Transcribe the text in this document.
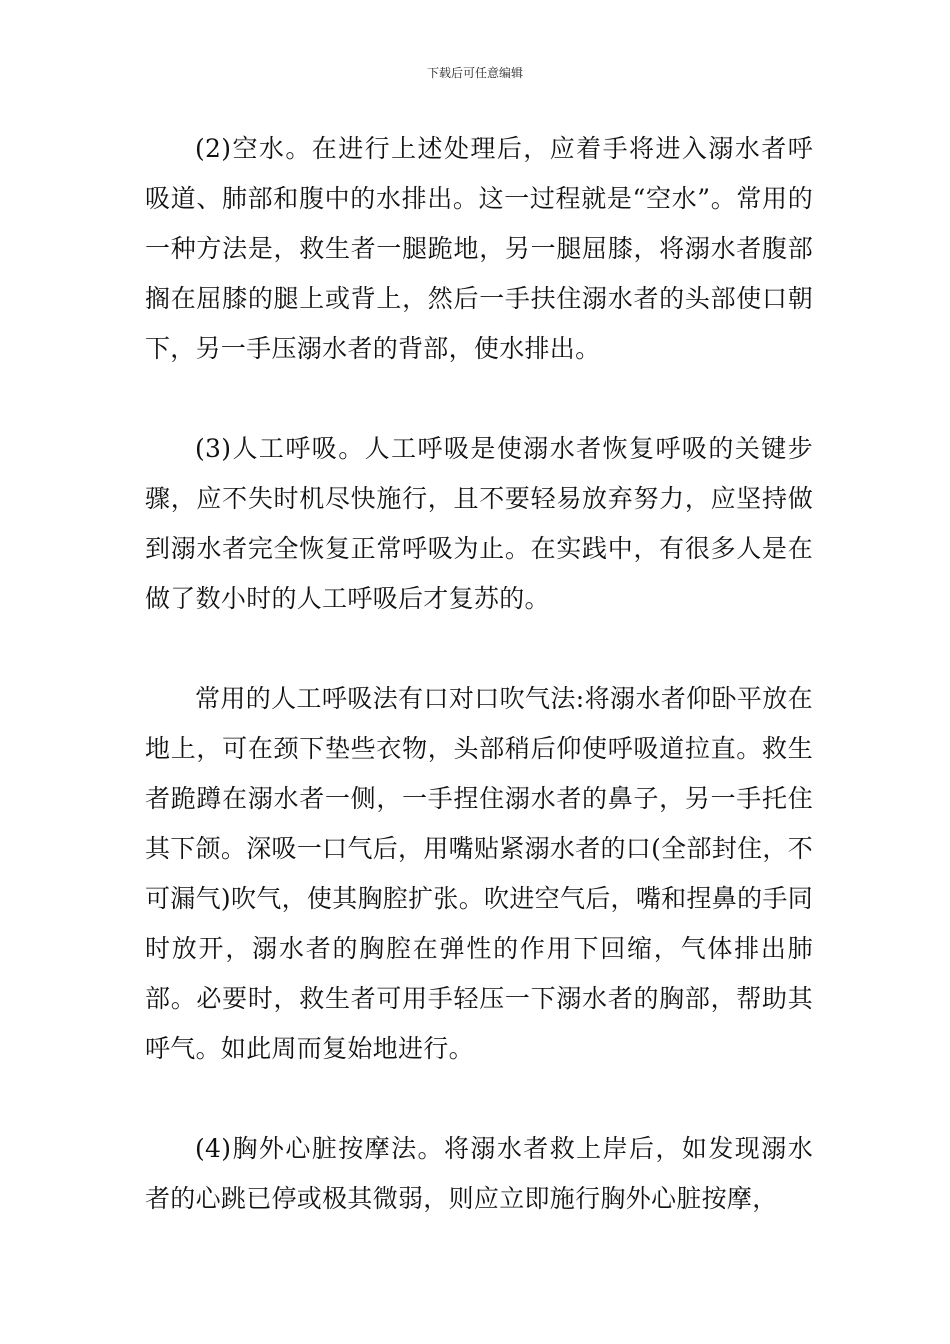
下载后可任意编辑

(2)空水。在进行上述处理后，应着手将进入溺水者呼吸道、肺部和腹中的水排出。这一过程就是“空水”。常用的一种方法是，救生者一腿跪地，另一腿屈膝，将溺水者腹部搁在屈膝的腿上或背上，然后一手扶住溺水者的头部使口朝下，另一手压溺水者的背部，使水排出。

(3)人工呼吸。人工呼吸是使溺水者恢复呼吸的关键步骤，应不失时机尽快施行，且不要轻易放弃努力，应坚持做到溺水者完全恢复正常呼吸为止。在实践中，有很多人是在做了数小时的人工呼吸后才复苏的。

常用的人工呼吸法有口对口吹气法:将溺水者仰卧平放在地上，可在颈下垫些衣物，头部稍后仰使呼吸道拉直。救生者跪蹲在溺水者一侧，一手捏住溺水者的鼻子，另一手托住其下颌。深吸一口气后，用嘴贴紧溺水者的口(全部封住，不可漏气)吹气，使其胸腔扩张。吹进空气后，嘴和捏鼻的手同时放开，溺水者的胸腔在弹性的作用下回缩，气体排出肺部。必要时，救生者可用手轻压一下溺水者的胸部，帮助其呼气。如此周而复始地进行。

(4)胸外心脏按摩法。将溺水者救上岸后，如发现溺水者的心跳已停或极其微弱，则应立即施行胸外心脏按摩，
